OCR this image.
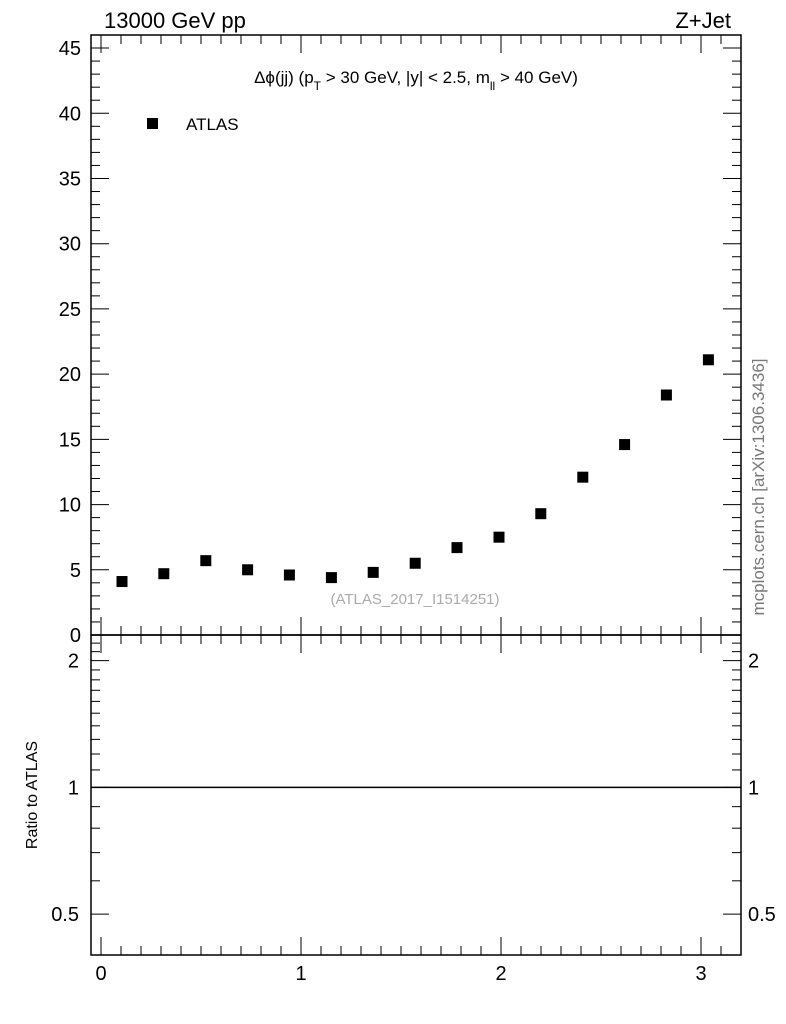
13000 GeV pp	Z+Jet
mcplots.cern.ch [arXiv:1306.3436]
0
5
10
15
20
25
30
35
40
45
Δϕ(jj) ($p_T > 30$ GeV, |y| < 2.5, $m_{ll} > 40$ GeV)
ATLAS
(ATLAS_2017_I1514251)
0.5	0.5
1	1
2	2
0	1	2	3
Ratio to ATLAS
